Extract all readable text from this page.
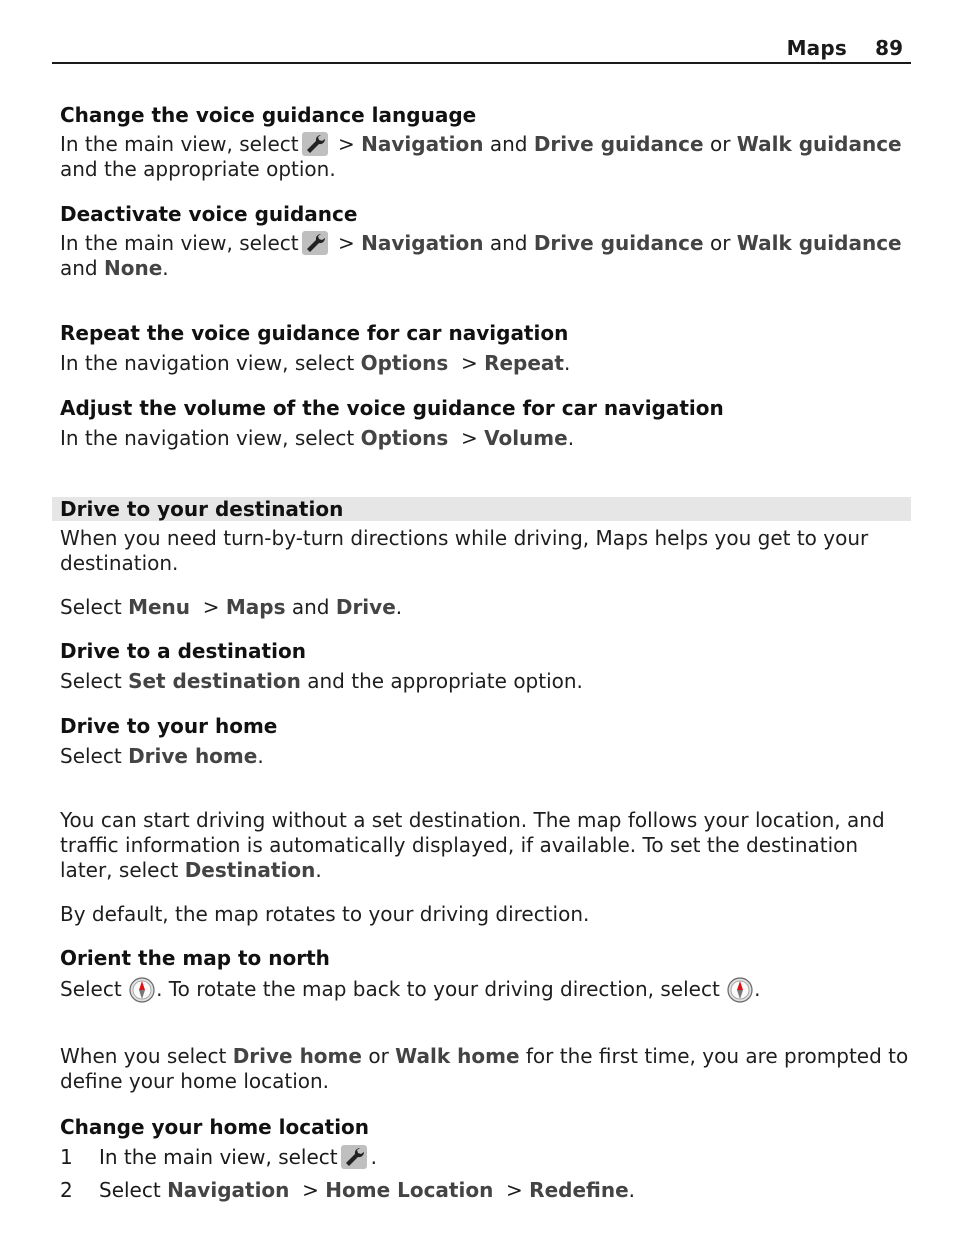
Maps 89
Change the voice guidance language
In the main view, select > Navigation and Drive guidance or Walk guidance and the appropriate option.
Deactivate voice guidance
In the main view, select > Navigation and Drive guidance or Walk guidance and None.
Repeat the voice guidance for car navigation
In the navigation view, select Options > Repeat.
Adjust the volume of the voice guidance for car navigation
In the navigation view, select Options > Volume.
Drive to your destination
When you need turn-by-turn directions while driving, Maps helps you get to your destination.
Select Menu > Maps and Drive.
Drive to a destination
Select Set destination and the appropriate option.
Drive to your home
Select Drive home.
You can start driving without a set destination. The map follows your location, and traffic information is automatically displayed, if available. To set the destination later, select Destination.
By default, the map rotates to your driving direction.
Orient the map to north
Select . To rotate the map back to your driving direction, select .
When you select Drive home or Walk home for the first time, you are prompted to define your home location.
Change your home location
1 In the main view, select .
2 Select Navigation > Home Location > Redefine.
